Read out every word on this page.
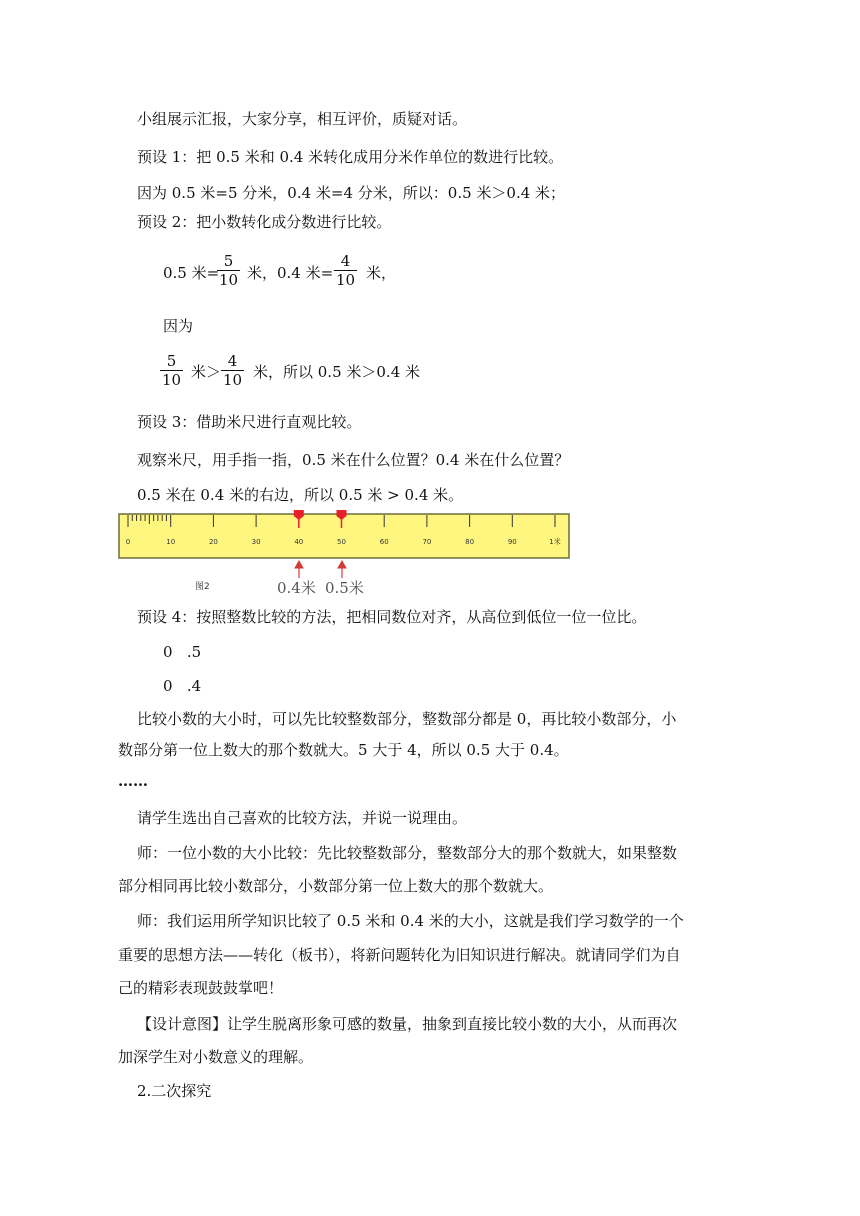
小组展示汇报，大家分享，相互评价，质疑对话。
预设 1：把 0.5 米和 0.4 米转化成用分米作单位的数进行比较。
因为 0.5 米=5 分米，0.4 米=4 分米，所以：0.5 米＞0.4 米；
预设 2：把小数转化成分数进行比较。
0.5 米=
$\frac{5}{10}$ 米，0.4 米= $\frac{4}{10}$ 米，
因为
$\frac{5}{10}$ 米＞ $\frac{4}{10}$ 米，所以 0.5 米＞0.4 米
预设 3：借助米尺进行直观比较。
观察米尺，用手指一指，0.5 米在什么位置？0.4 米在什么位置？
0.5 米在 0.4 米的右边，所以 0.5 米 > 0.4 米。
0	10	20	30	40	50	60	70	80	90	1米
0.4米 0.5米
图2
预设 4：按照整数比较的方法，把相同数位对齐，从高位到低位一位一位比。
0   .5
0   .4
比较小数的大小时，可以先比较整数部分，整数部分都是 0，再比较小数部分，小
数部分第一位上数大的那个数就大。5 大于 4，所以 0.5 大于 0.4。
……
请学生选出自己喜欢的比较方法，并说一说理由。
师：一位小数的大小比较：先比较整数部分，整数部分大的那个数就大，如果整数
部分相同再比较小数部分，小数部分第一位上数大的那个数就大。
师：我们运用所学知识比较了 0.5 米和 0.4 米的大小，这就是我们学习数学的一个
重要的思想方法——转化（板书），将新问题转化为旧知识进行解决。就请同学们为自
己的精彩表现鼓鼓掌吧！
【设计意图】让学生脱离形象可感的数量，抽象到直接比较小数的大小，从而再次
加深学生对小数意义的理解。
2.二次探究
